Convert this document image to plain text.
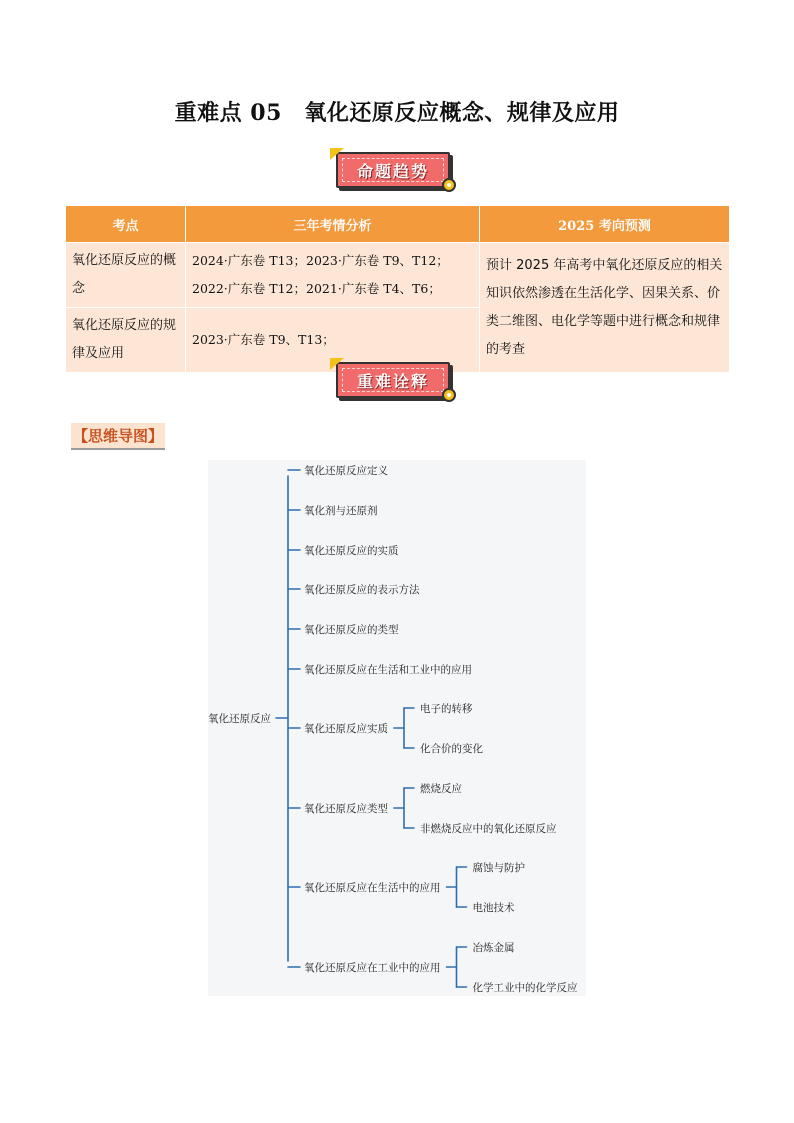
重难点 05　氧化还原反应概念、规律及应用
命题趋势
考点	三年考情分析	2025 考向预测
氧化还原反应的概念	2024·广东卷 T13；2023·广东卷 T9、T12；2022·广东卷 T12；2021·广东卷 T4、T6；	预计 2025 年高考中氧化还原反应的相关知识依然渗透在生活化学、因果关系、价类二维图、电化学等题中进行概念和规律的考查
氧化还原反应的规律及应用	2023·广东卷 T9、T13；	
重难诠释
【思维导图】
氧化还原反应
氧化还原反应定义
氧化剂与还原剂
氧化还原反应的实质
氧化还原反应的表示方法
氧化还原反应的类型
氧化还原反应在生活和工业中的应用
氧化还原反应实质
电子的转移
化合价的变化
氧化还原反应类型
燃烧反应
非燃烧反应中的氧化还原反应
氧化还原反应在生活中的应用
腐蚀与防护
电池技术
氧化还原反应在工业中的应用
冶炼金属
化学工业中的化学反应
